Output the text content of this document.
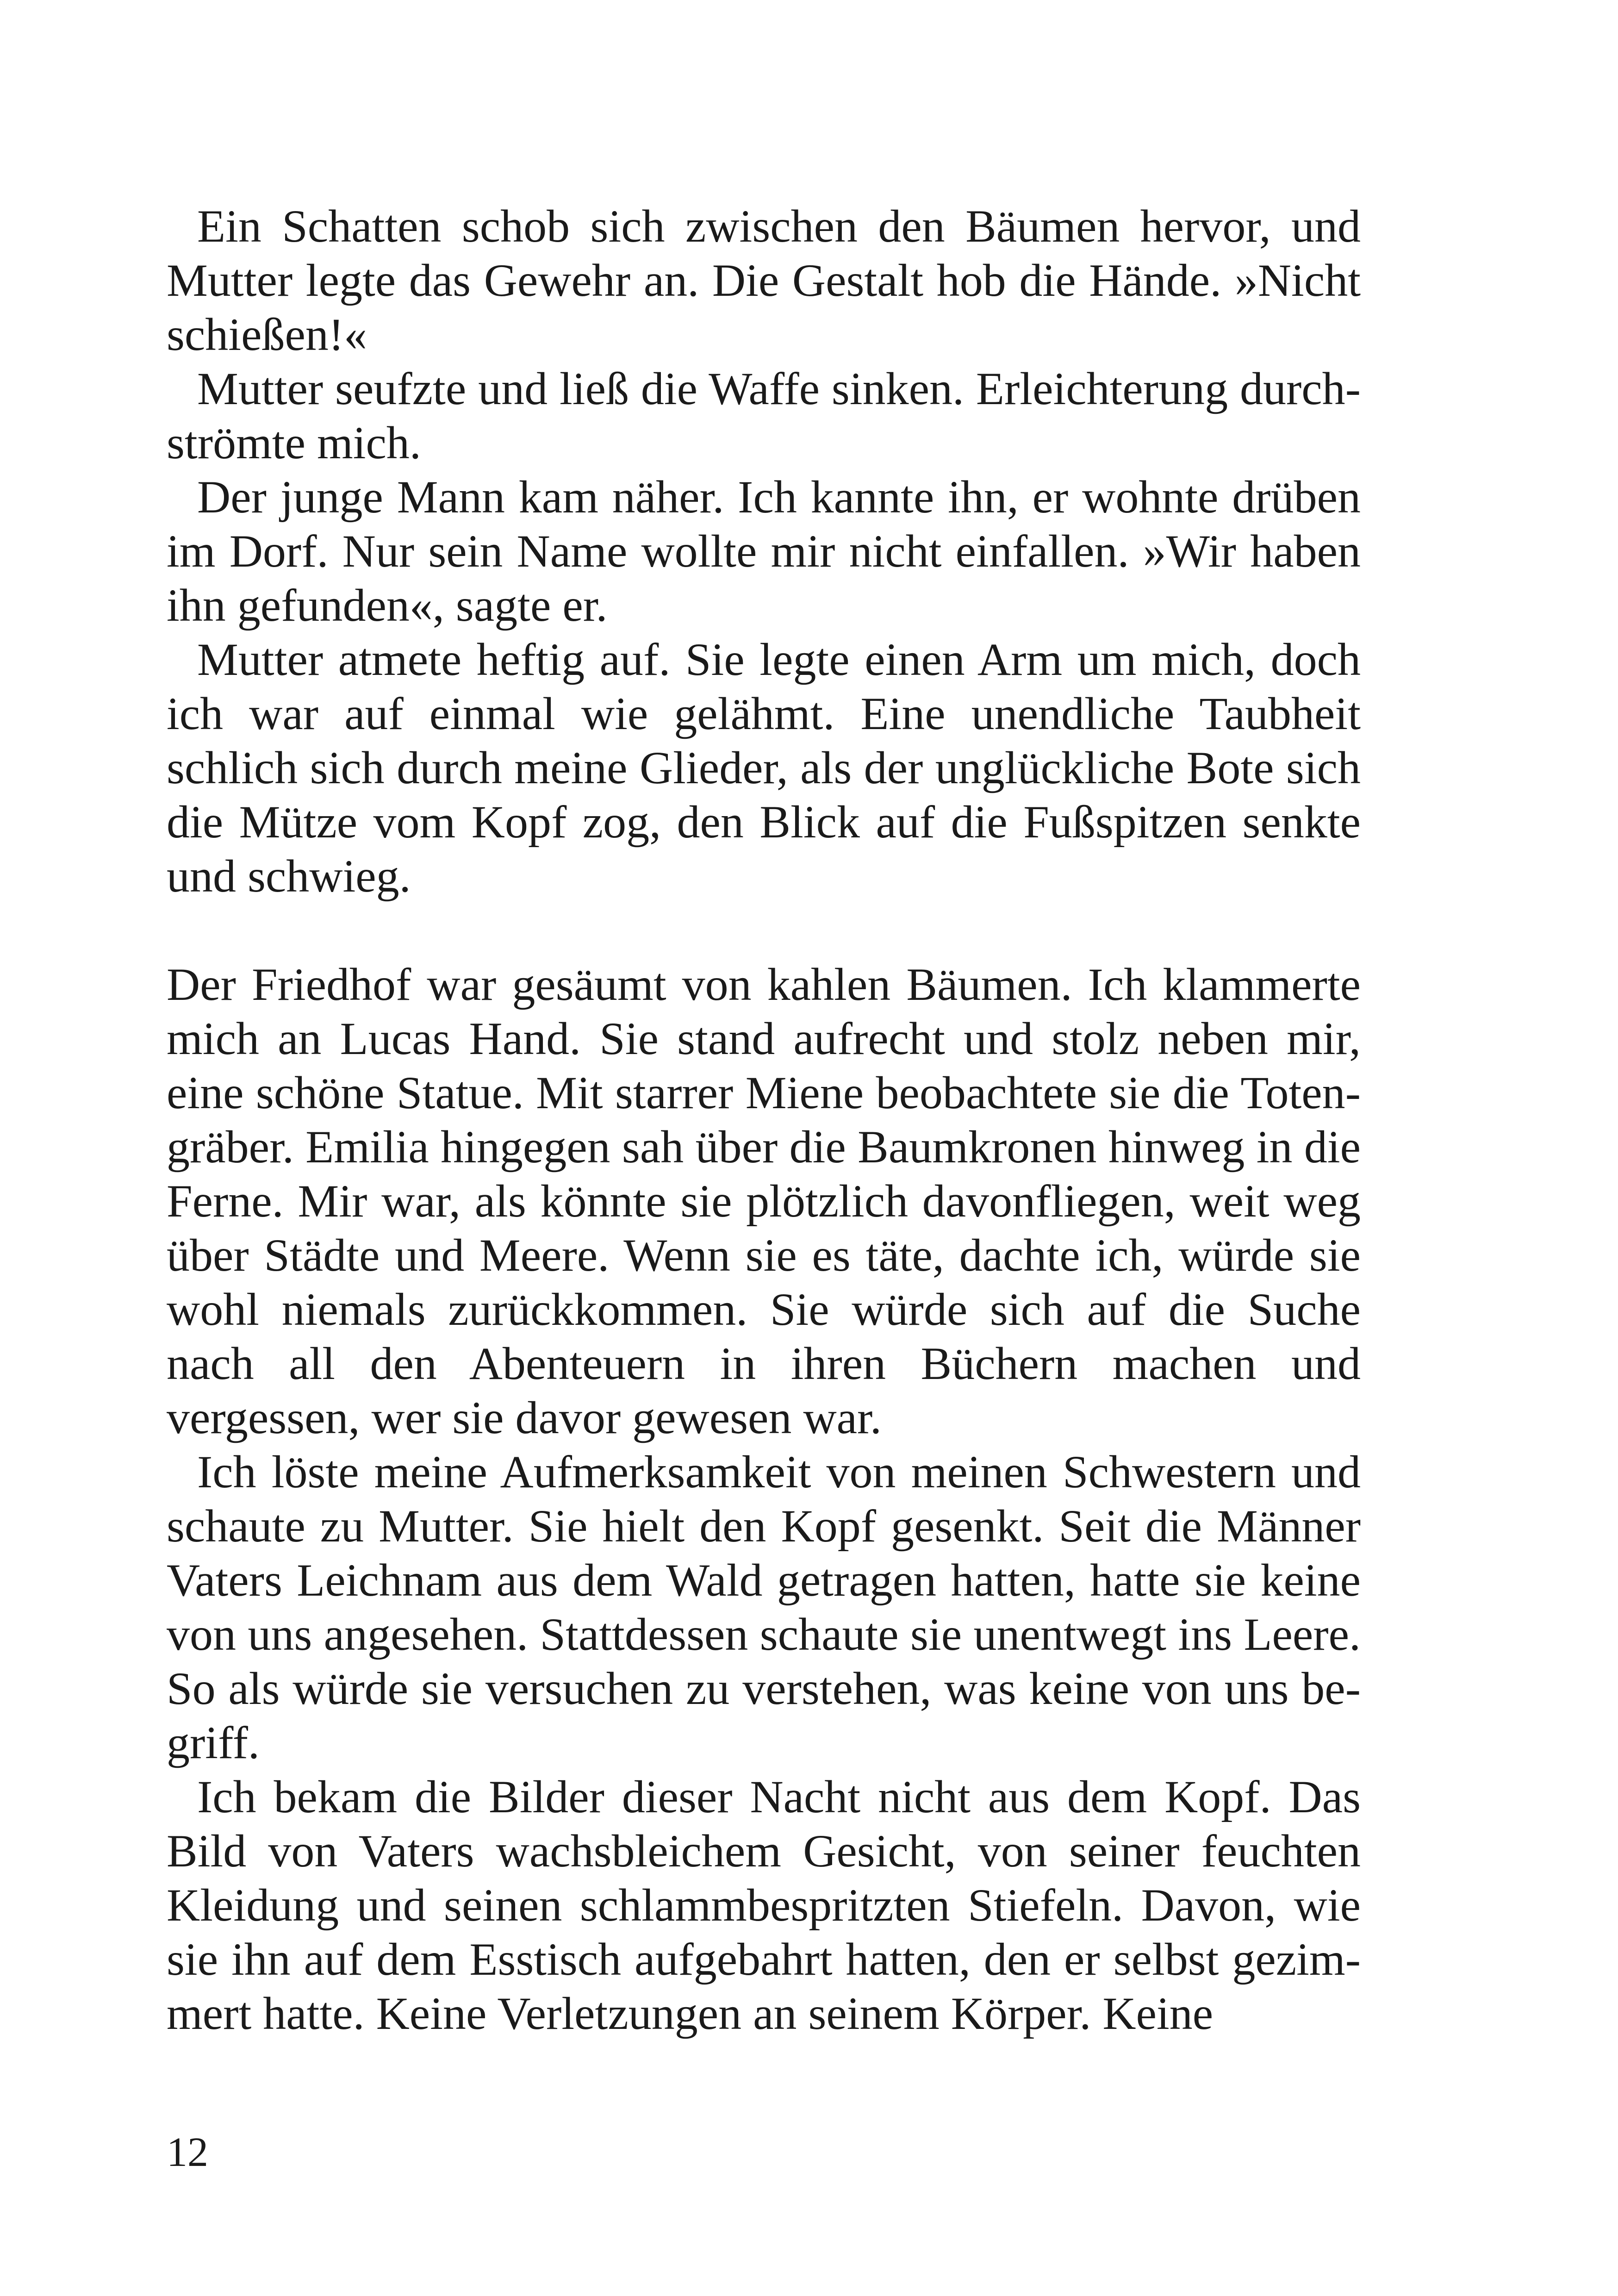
Ein Schatten schob sich zwischen den Bäumen hervor, und Mutter legte das Gewehr an. Die Gestalt hob die Hände. »Nicht schießen!«

Mutter seufzte und ließ die Waffe sinken. Erleichterung durchströmte mich.

Der junge Mann kam näher. Ich kannte ihn, er wohnte drüben im Dorf. Nur sein Name wollte mir nicht einfallen. »Wir haben ihn gefunden«, sagte er.

Mutter atmete heftig auf. Sie legte einen Arm um mich, doch ich war auf einmal wie gelähmt. Eine unendliche Taubheit schlich sich durch meine Glieder, als der unglückliche Bote sich die Mütze vom Kopf zog, den Blick auf die Fußspitzen senkte und schwieg.

Der Friedhof war gesäumt von kahlen Bäumen. Ich klammerte mich an Lucas Hand. Sie stand aufrecht und stolz neben mir, eine schöne Statue. Mit starrer Miene beobachtete sie die Totengräber. Emilia hingegen sah über die Baumkronen hinweg in die Ferne. Mir war, als könnte sie plötzlich davonfliegen, weit weg über Städte und Meere. Wenn sie es täte, dachte ich, würde sie wohl niemals zurückkommen. Sie würde sich auf die Suche nach all den Abenteuern in ihren Büchern machen und vergessen, wer sie davor gewesen war.

Ich löste meine Aufmerksamkeit von meinen Schwestern und schaute zu Mutter. Sie hielt den Kopf gesenkt. Seit die Männer Vaters Leichnam aus dem Wald getragen hatten, hatte sie keine von uns angesehen. Stattdessen schaute sie unentwegt ins Leere. So als würde sie versuchen zu verstehen, was keine von uns begriff.

Ich bekam die Bilder dieser Nacht nicht aus dem Kopf. Das Bild von Vaters wachsbleichem Gesicht, von seiner feuchten Kleidung und seinen schlammbespritzten Stiefeln. Davon, wie sie ihn auf dem Esstisch aufgebahrt hatten, den er selbst gezimmert hatte. Keine Verletzungen an seinem Körper. Keine

12
